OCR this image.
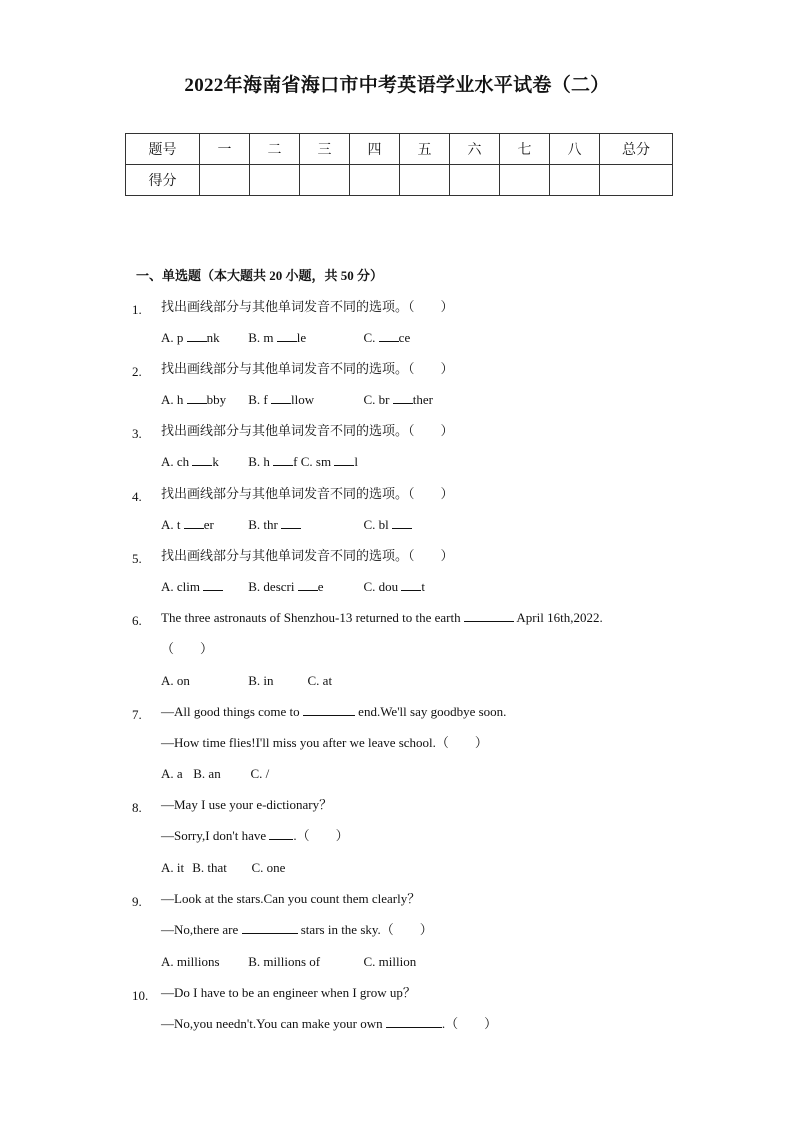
2022年海南省海口市中考英语学业水平试卷（二）
题号	一	二	三	四	五	六	七	八	总分
得分									
一、单选题（本大题共 20 小题，共 50 分）
1. 找出画线部分与其他单词发音不同的选项。（　　）
A. p nk B. m le	C. ce
2. 找出画线部分与其他单词发音不同的选项。（　　）
A. h bby B. f llow	C. br ther
3. 找出画线部分与其他单词发音不同的选项。（　　）
A. ch k B. h f C. sm l
4. 找出画线部分与其他单词发音不同的选项。（　　）
A. t er	B. thr	C. bl
5. 找出画线部分与其他单词发音不同的选项。（　　）
A. clim	B. descri e	C. dou t
6. The three astronauts of Shenzhou-13 returned to the earth	April 16th,2022.
（　　）
A. on	B. in	C. at
7. —All good things come to	end.We'll say goodbye soon.
—How time flies!I'll miss you after we leave school.（　　）
A. a B. an C. /
8. —May I use your e-dictionary？
—Sorry,I don't have .（　　）
A. it B. that C. one
9. —Look at the stars.Can you count them clearly？
—No,there are	stars in the sky.（　　）
A. millions B. millions of	C. million
10. —Do I have to be an engineer when I grow up？
—No,you needn't.You can make your own	.（　　）
